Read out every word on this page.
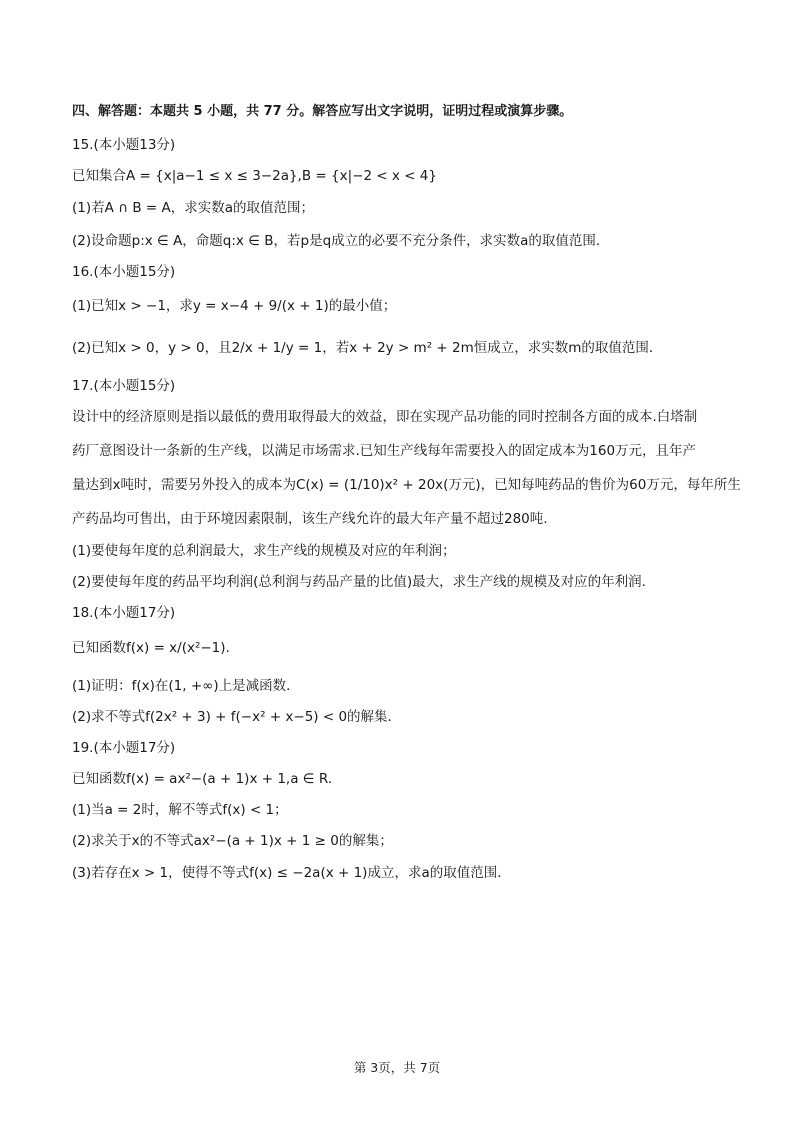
四、解答题：本题共 5 小题，共 77 分。解答应写出文字说明，证明过程或演算步骤。
15.(本小题13分)
已知集合A = {x|a−1 ≤ x ≤ 3−2a},B = {x|−2 < x < 4}
(1)若A ∩ B = A，求实数a的取值范围；
(2)设命题p:x ∈ A，命题q:x ∈ B，若p是q成立的必要不充分条件，求实数a的取值范围．
16.(本小题15分)
(1)已知x > −1，求y = x−4 + 9/(x + 1)的最小值；
(2)已知x > 0，y > 0，且2/x + 1/y = 1，若x + 2y > m² + 2m恒成立，求实数m的取值范围．
17.(本小题15分)
设计中的经济原则是指以最低的费用取得最大的效益，即在实现产品功能的同时控制各方面的成本.白塔制
药厂意图设计一条新的生产线，以满足市场需求.已知生产线每年需要投入的固定成本为160万元，且年产
量达到x吨时，需要另外投入的成本为C(x) = (1/10)x² + 20x(万元)，已知每吨药品的售价为60万元，每年所生
产药品均可售出，由于环境因素限制，该生产线允许的最大年产量不超过280吨.
(1)要使每年度的总利润最大，求生产线的规模及对应的年利润；
(2)要使每年度的药品平均利润(总利润与药品产量的比值)最大，求生产线的规模及对应的年利润.
18.(本小题17分)
已知函数f(x) = x/(x²−1).
(1)证明：f(x)在(1, +∞)上是减函数．
(2)求不等式f(2x² + 3) + f(−x² + x−5) < 0的解集．
19.(本小题17分)
已知函数f(x) = ax²−(a + 1)x + 1,a ∈ R.
(1)当a = 2时，解不等式f(x) < 1；
(2)求关于x的不等式ax²−(a + 1)x + 1 ≥ 0的解集；
(3)若存在x > 1，使得不等式f(x) ≤ −2a(x + 1)成立，求a的取值范围．
第 3页，共 7页
